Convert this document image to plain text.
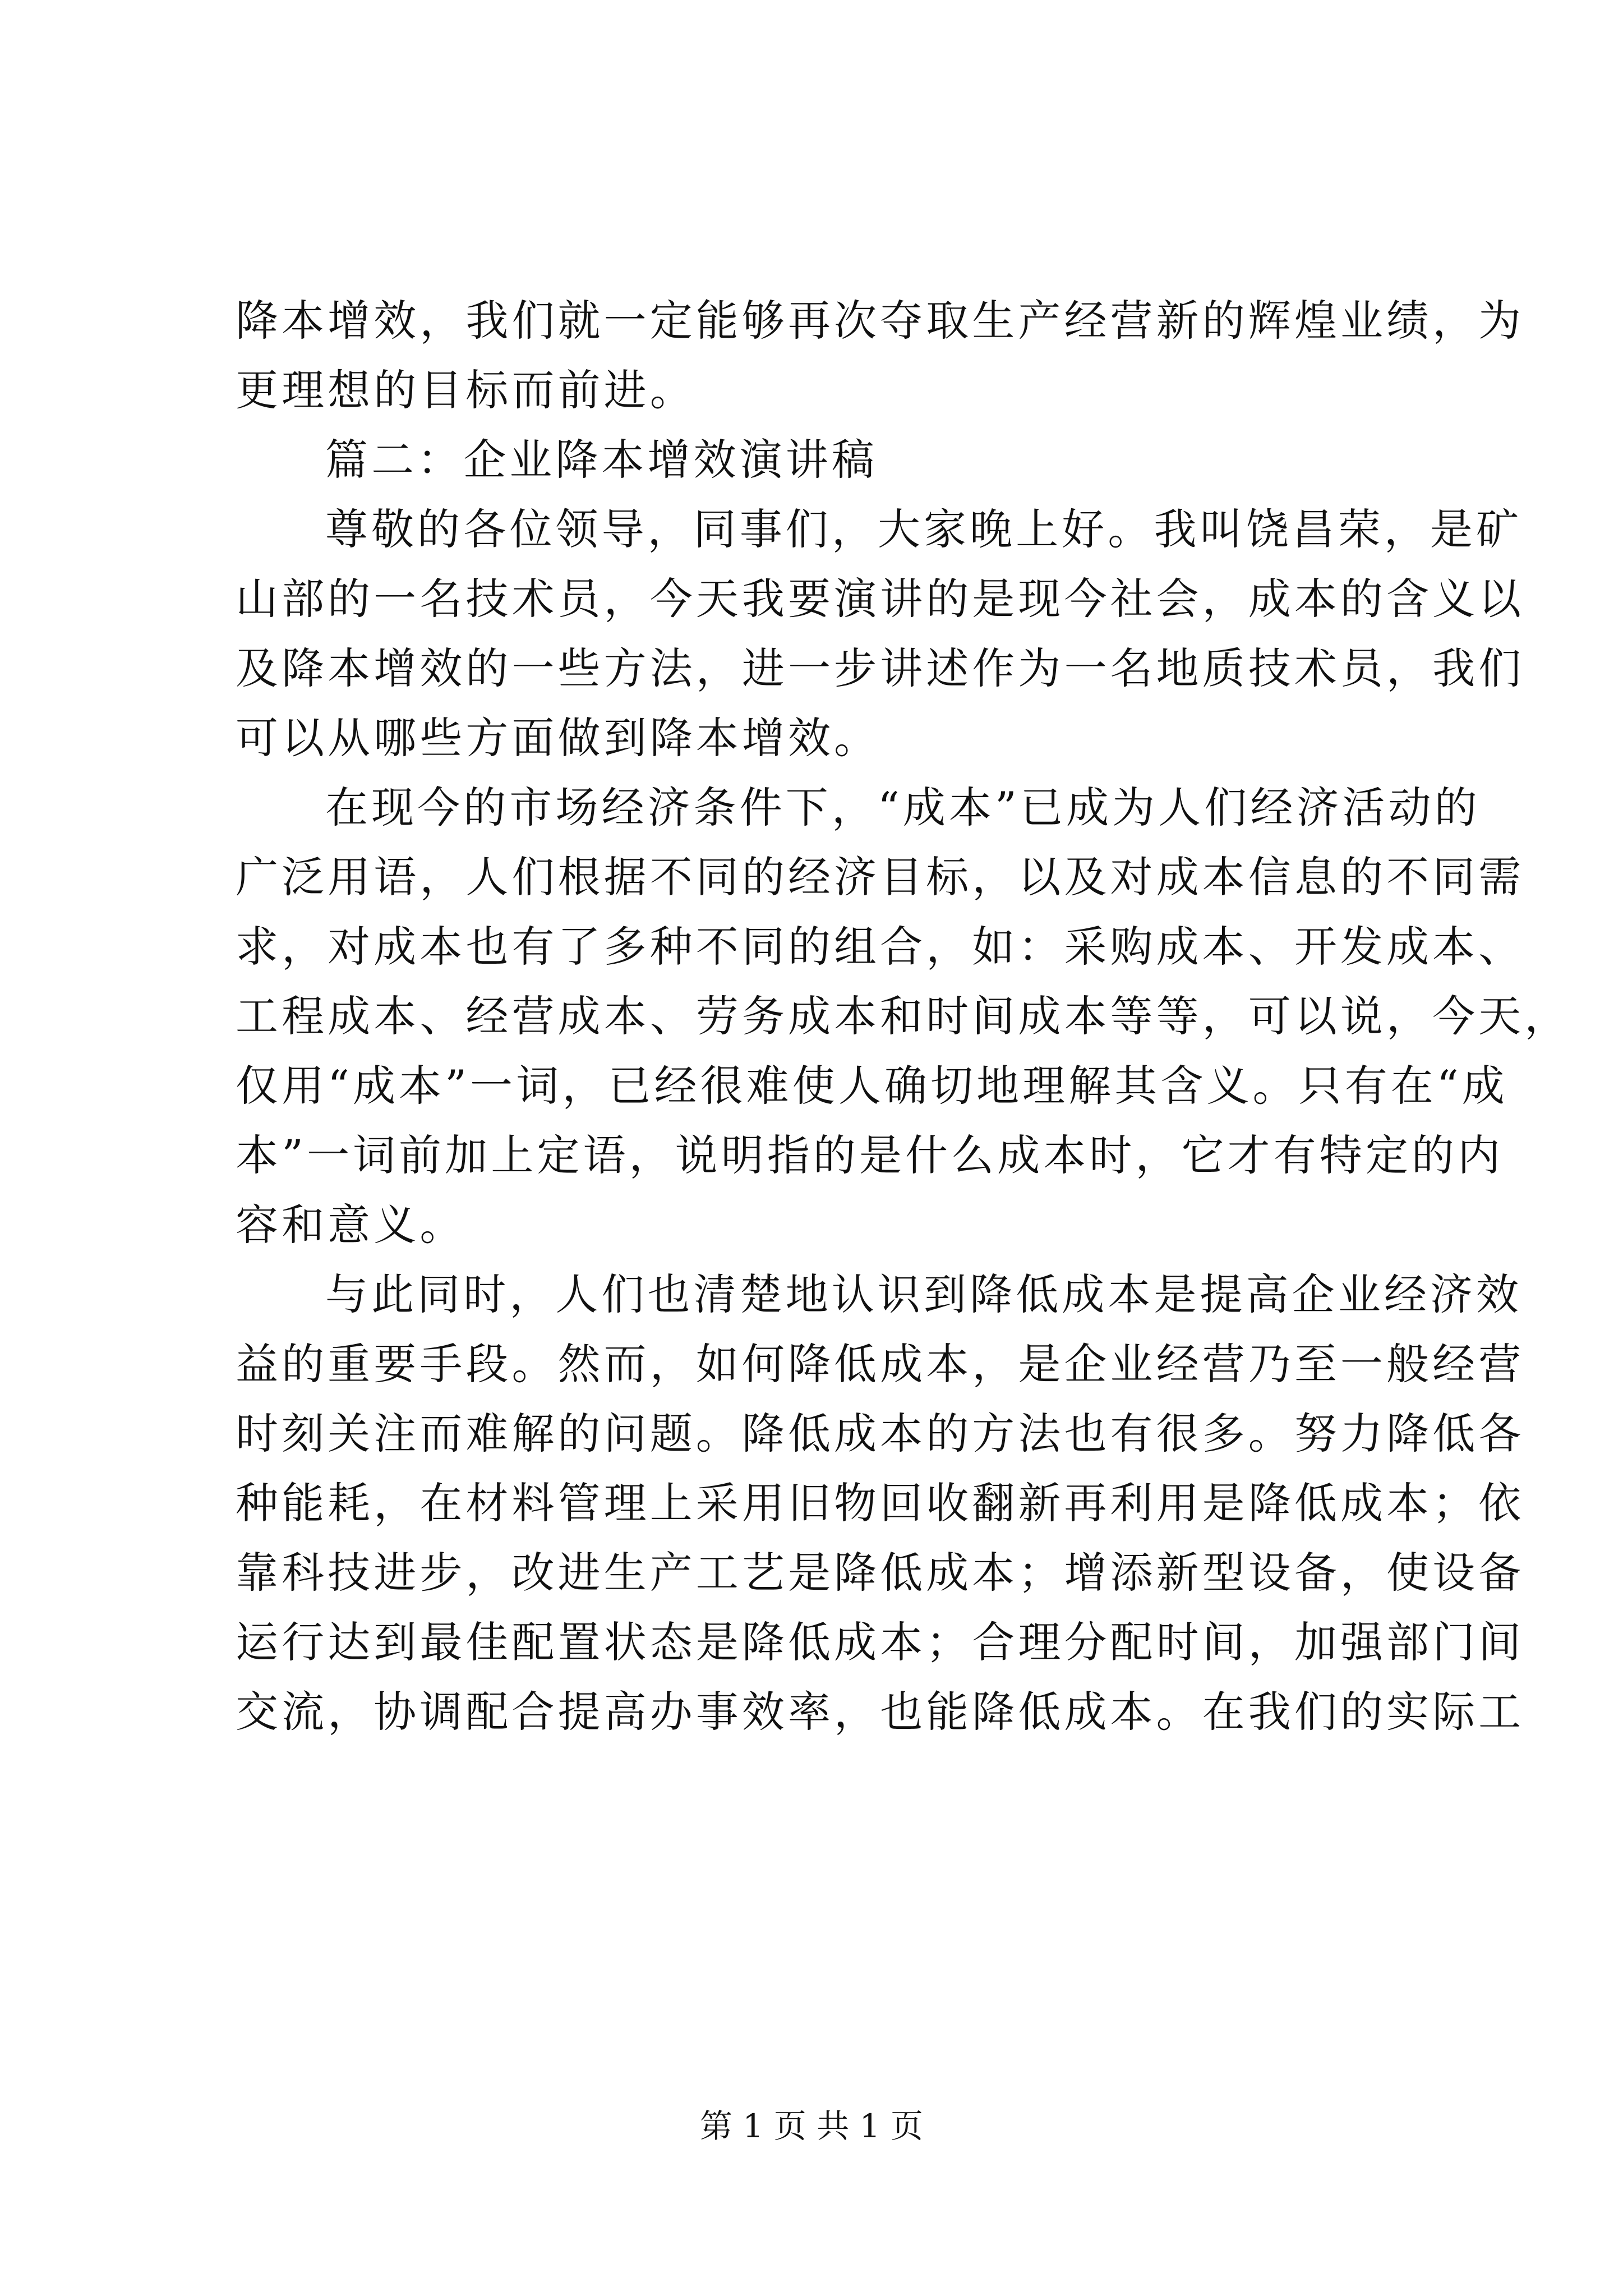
降本增效，我们就一定能够再次夺取生产经营新的辉煌业绩，为
更理想的目标而前进。
篇二：企业降本增效演讲稿
尊敬的各位领导，同事们，大家晚上好。我叫饶昌荣，是矿
山部的一名技术员，今天我要演讲的是现今社会，成本的含义以
及降本增效的一些方法，进一步讲述作为一名地质技术员，我们
可以从哪些方面做到降本增效。
在现今的市场经济条件下，“成本”已成为人们经济活动的
广泛用语，人们根据不同的经济目标，以及对成本信息的不同需
求，对成本也有了多种不同的组合，如：采购成本、开发成本、
工程成本、经营成本、劳务成本和时间成本等等，可以说，今天，
仅用“成本”一词，已经很难使人确切地理解其含义。只有在“成
本”一词前加上定语，说明指的是什么成本时，它才有特定的内
容和意义。
与此同时，人们也清楚地认识到降低成本是提高企业经济效
益的重要手段。然而，如何降低成本，是企业经营乃至一般经营
时刻关注而难解的问题。降低成本的方法也有很多。努力降低各
种能耗，在材料管理上采用旧物回收翻新再利用是降低成本；依
靠科技进步，改进生产工艺是降低成本；增添新型设备，使设备
运行达到最佳配置状态是降低成本；合理分配时间，加强部门间
交流，协调配合提高办事效率，也能降低成本。在我们的实际工
第 1 页 共 1 页
